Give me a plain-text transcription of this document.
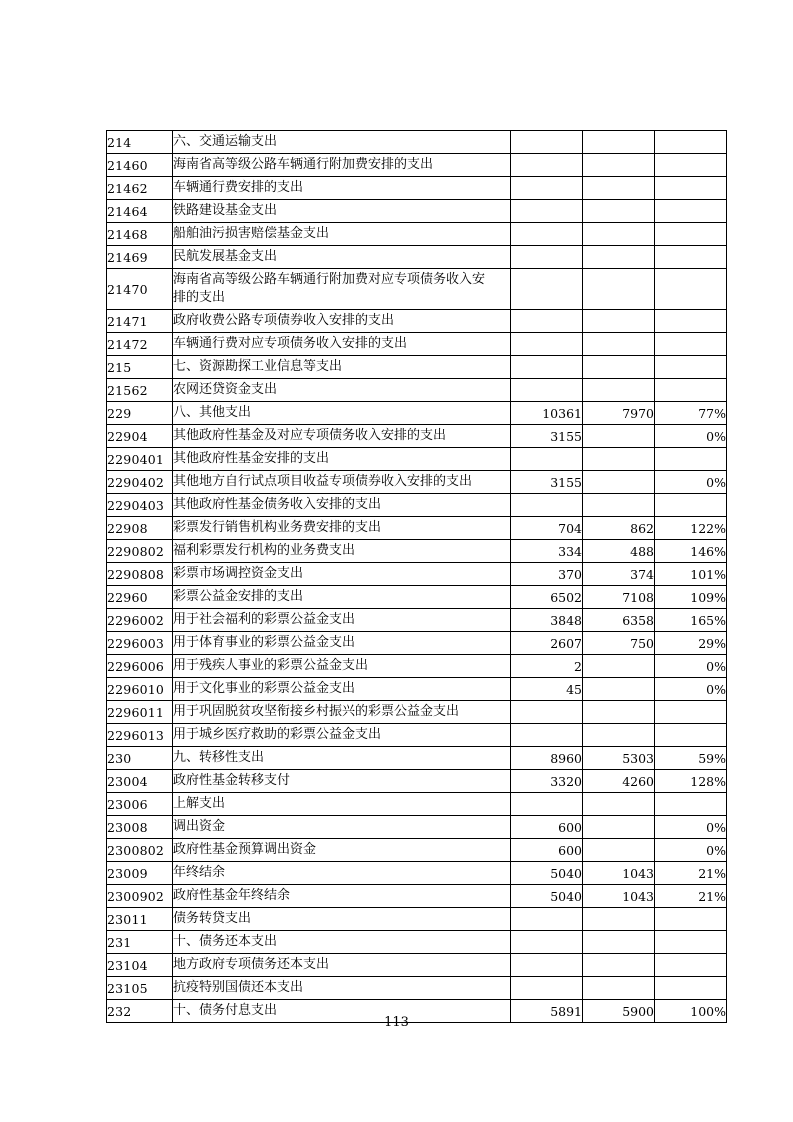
214	六、交通运输支出			
21460	海南省高等级公路车辆通行附加费安排的支出			
21462	车辆通行费安排的支出			
21464	铁路建设基金支出			
21468	船舶油污损害赔偿基金支出			
21469	民航发展基金支出			
21470	海南省高等级公路车辆通行附加费对应专项债务收入安排的支出			
21471	政府收费公路专项债券收入安排的支出			
21472	车辆通行费对应专项债务收入安排的支出			
215	七、资源勘探工业信息等支出			
21562	农网还贷资金支出			
229	八、其他支出	10361	7970	77%
22904	其他政府性基金及对应专项债务收入安排的支出	3155		0%
2290401	其他政府性基金安排的支出			
2290402	其他地方自行试点项目收益专项债券收入安排的支出	3155		0%
2290403	其他政府性基金债务收入安排的支出			
22908	彩票发行销售机构业务费安排的支出	704	862	122%
2290802	福利彩票发行机构的业务费支出	334	488	146%
2290808	彩票市场调控资金支出	370	374	101%
22960	彩票公益金安排的支出	6502	7108	109%
2296002	用于社会福利的彩票公益金支出	3848	6358	165%
2296003	用于体育事业的彩票公益金支出	2607	750	29%
2296006	用于残疾人事业的彩票公益金支出	2		0%
2296010	用于文化事业的彩票公益金支出	45		0%
2296011	用于巩固脱贫攻坚衔接乡村振兴的彩票公益金支出			
2296013	用于城乡医疗救助的彩票公益金支出			
230	九、转移性支出	8960	5303	59%
23004	政府性基金转移支付	3320	4260	128%
23006	上解支出			
23008	调出资金	600		0%
2300802	政府性基金预算调出资金	600		0%
23009	年终结余	5040	1043	21%
2300902	政府性基金年终结余	5040	1043	21%
23011	债务转贷支出			
231	十、债务还本支出			
23104	地方政府专项债务还本支出			
23105	抗疫特别国债还本支出			
232	十、债务付息支出	5891	5900	100%
113
